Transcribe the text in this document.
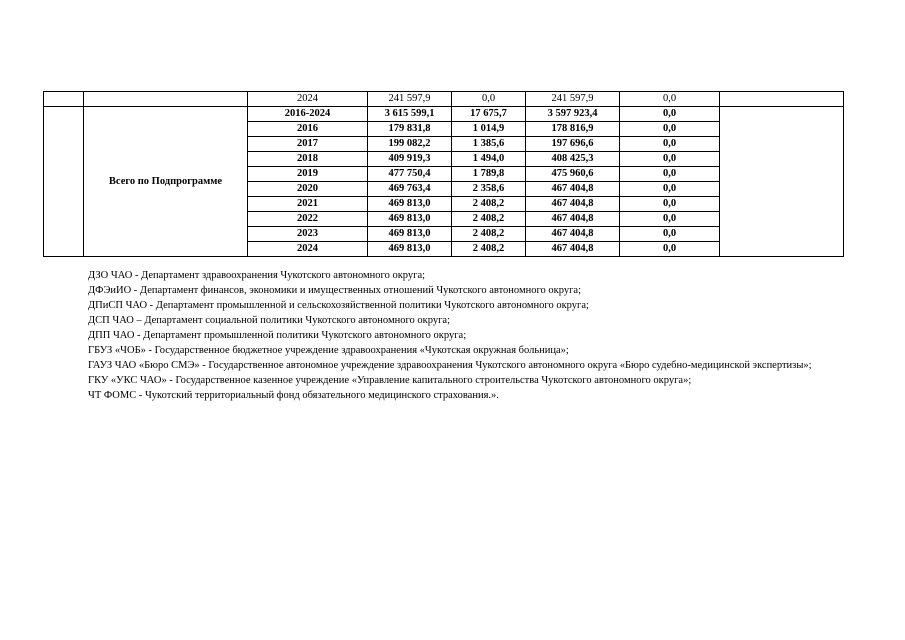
		2024	241 597,9	0,0	241 597,9	0,0	
	Всего по Подпрограмме	2016-2024	3 615 599,1	17 675,7	3 597 923,4	0,0	
		2016	179 831,8	1 014,9	178 816,9	0,0	
		2017	199 082,2	1 385,6	197 696,6	0,0	
		2018	409 919,3	1 494,0	408 425,3	0,0	
		2019	477 750,4	1 789,8	475 960,6	0,0	
		2020	469 763,4	2 358,6	467 404,8	0,0	
		2021	469 813,0	2 408,2	467 404,8	0,0	
		2022	469 813,0	2 408,2	467 404,8	0,0	
		2023	469 813,0	2 408,2	467 404,8	0,0	
		2024	469 813,0	2 408,2	467 404,8	0,0	

ДЗО ЧАО - Департамент здравоохранения Чукотского автономного округа;

ДФЭиИО - Департамент финансов, экономики и имущественных отношений Чукотского автономного округа;

ДПиСП ЧАО - Департамент промышленной и сельскохозяйственной политики Чукотского автономного округа;

ДСП ЧАО – Департамент социальной политики Чукотского автономного округа;

ДПП ЧАО - Департамент промышленной политики Чукотского автономного округа;

ГБУЗ «ЧОБ» - Государственное бюджетное учреждение здравоохранения «Чукотская окружная больница»;

ГАУЗ ЧАО «Бюро СМЭ» - Государственное автономное учреждение здравоохранения Чукотского автономного округа «Бюро судебно-медицинской экспертизы»;

ГКУ «УКС ЧАО» - Государственное казенное учреждение «Управление капитального строительства Чукотского автономного округа»;

ЧТ ФОМС - Чукотский территориальный фонд обязательного медицинского страхования.».
